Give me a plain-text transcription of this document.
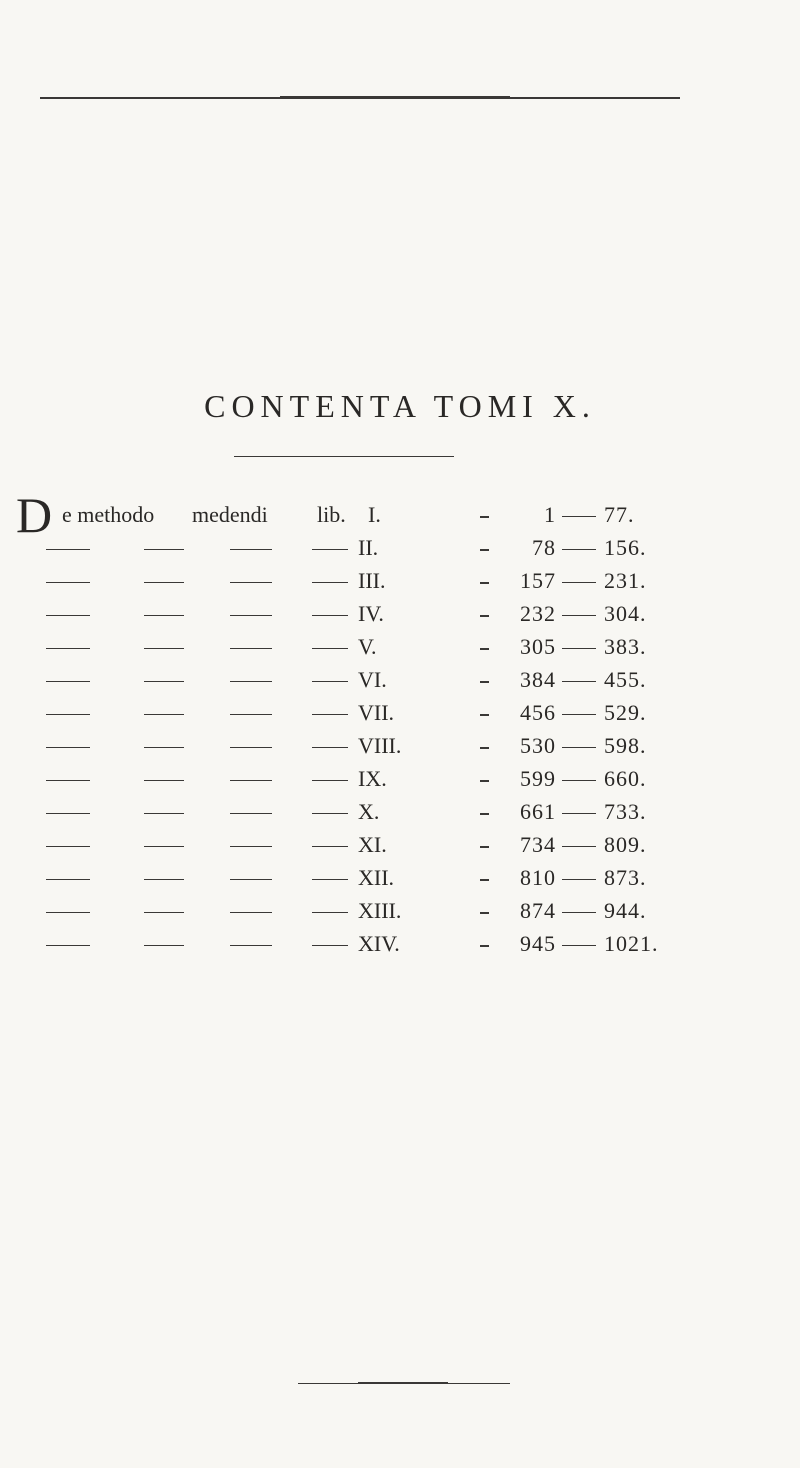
CONTENTA TOMI X.
D e methodo medendi lib. I.	1 77.
II.	78 156.
III.	157 231.
IV.	232 304.
V.	305 383.
VI.	384 455.
VII.	456 529.
VIII.	530 598.
IX.	599 660.
X.	661 733.
XI.	734 809.
XII.	810 873.
XIII.	874 944.
XIV.	945 1021.
